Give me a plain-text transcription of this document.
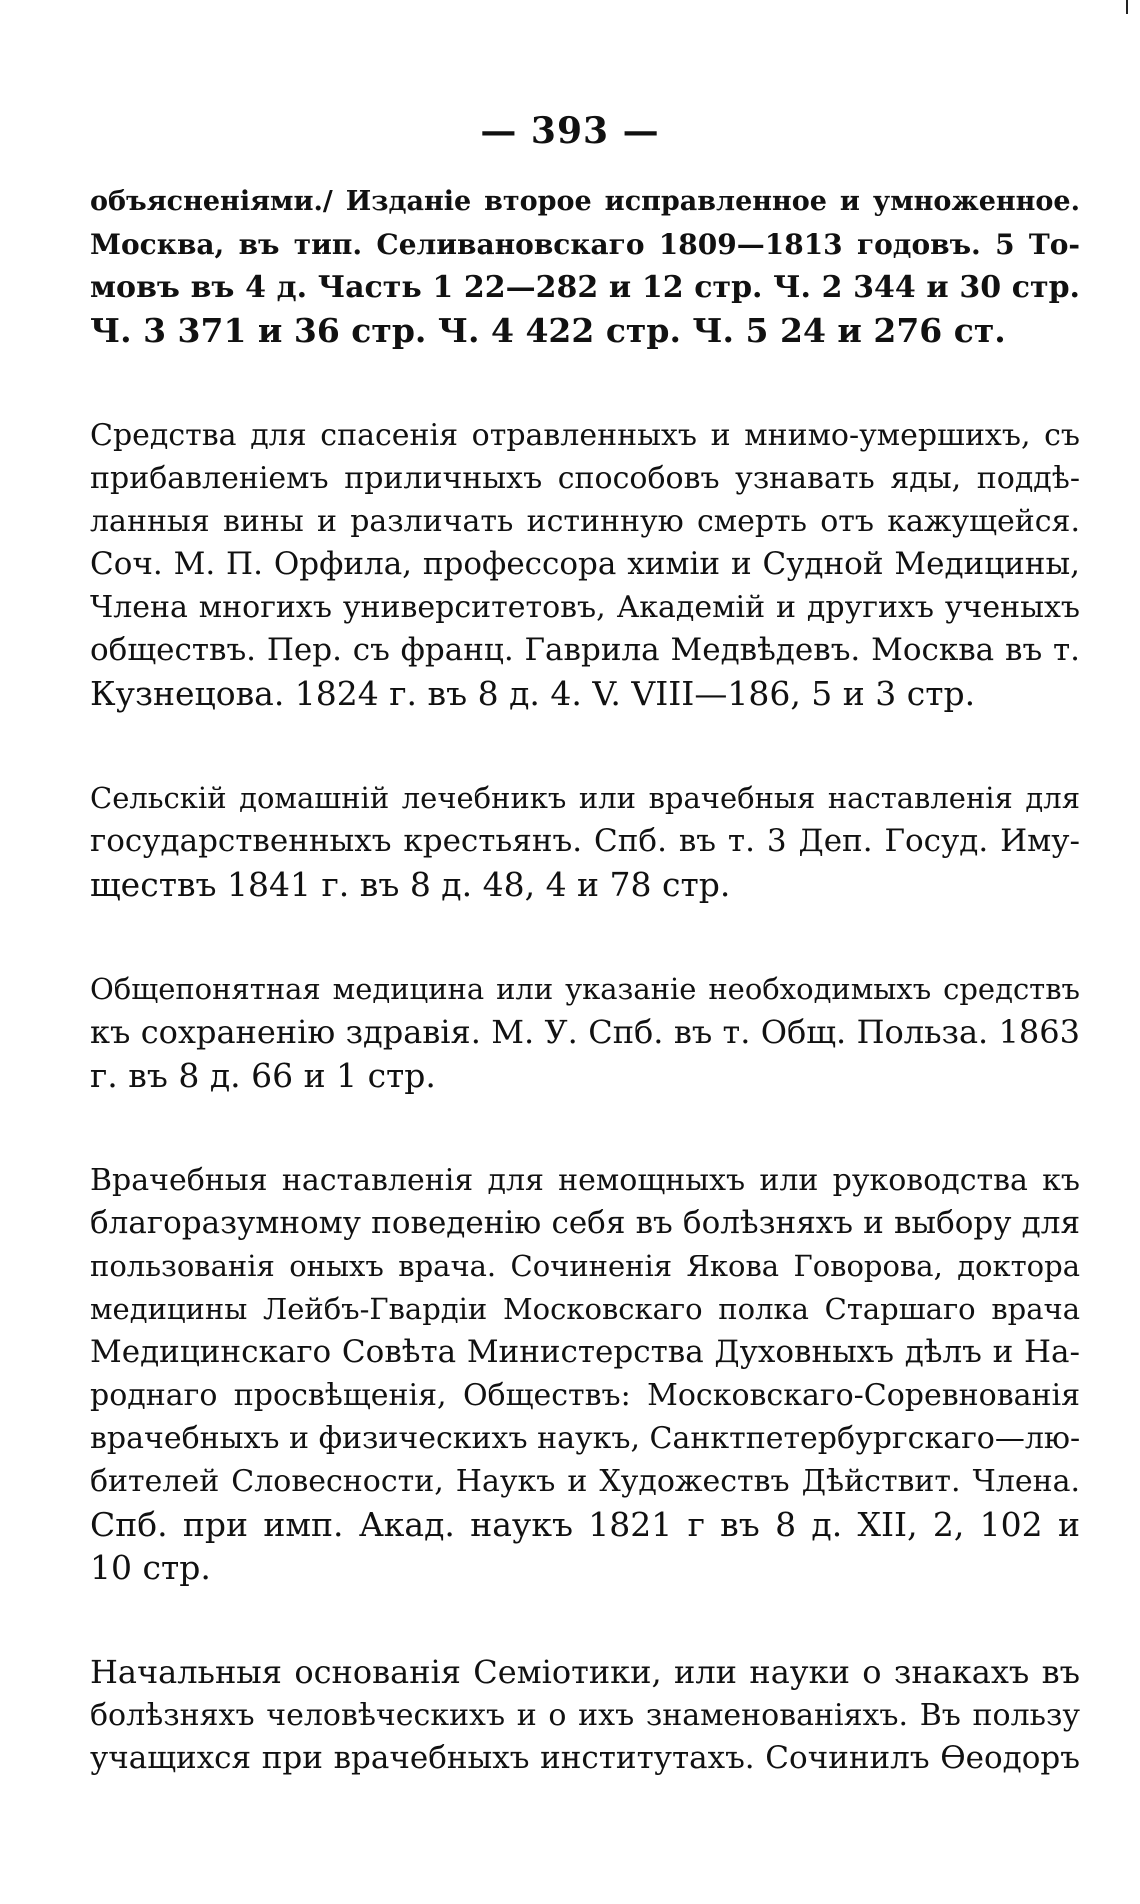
— 393 —
объясненіями./ Изданіе второе исправленное и умноженное.
Москва, въ тип. Селивановскаго 1809—1813 годовъ. 5 То-
мовъ въ 4 д. Часть 1 22—282 и 12 стр. Ч. 2 344 и 30 стр.
Ч. 3 371 и 36 стр. Ч. 4 422 стр. Ч. 5 24 и 276 ст.
Средства для спасенія отравленныхъ и мнимо-умершихъ, съ
прибавленіемъ приличныхъ способовъ узнавать яды, поддѣ-
ланныя вины и различать истинную смерть отъ кажущейся.
Соч. М. П. Орфила, профессора химіи и Судной Медицины,
Члена многихъ университетовъ, Академій и другихъ ученыхъ
обществъ. Пер. съ франц. Гаврила Медвѣдевъ. Москва въ т.
Кузнецова. 1824 г. въ 8 д. 4. V. VIII—186, 5 и 3 стр.
Сельскій домашній лечебникъ или врачебныя наставленія для
государственныхъ крестьянъ. Спб. въ т. 3 Деп. Госуд. Иму-
ществъ 1841 г. въ 8 д. 48, 4 и 78 стр.
Общепонятная медицина или указаніе необходимыхъ средствъ
къ сохраненію здравія. М. У. Спб. въ т. Общ. Польза. 1863
г. въ 8 д. 66 и 1 стр.
Врачебныя наставленія для немощныхъ или руководства къ
благоразумному поведенію себя въ болѣзняхъ и выбору для
пользованія оныхъ врача. Сочиненія Якова Говорова, доктора
медицины Лейбъ-Гвардіи Московскаго полка Старшаго врача
Медицинскаго Совѣта Министерства Духовныхъ дѣлъ и На-
роднаго просвѣщенія, Обществъ: Московскаго-Соревнованія
врачебныхъ и физическихъ наукъ, Санктпетербургскаго—лю-
бителей Словесности, Наукъ и Художествъ Дѣйствит. Члена.
Спб. при имп. Акад. наукъ 1821 г въ 8 д. XII, 2, 102 и
10 стр.
Начальныя основанія Семіотики, или науки о знакахъ въ
болѣзняхъ человѣческихъ и о ихъ знаменованіяхъ. Въ пользу
учащихся при врачебныхъ институтахъ. Сочинилъ Ѳеодоръ
